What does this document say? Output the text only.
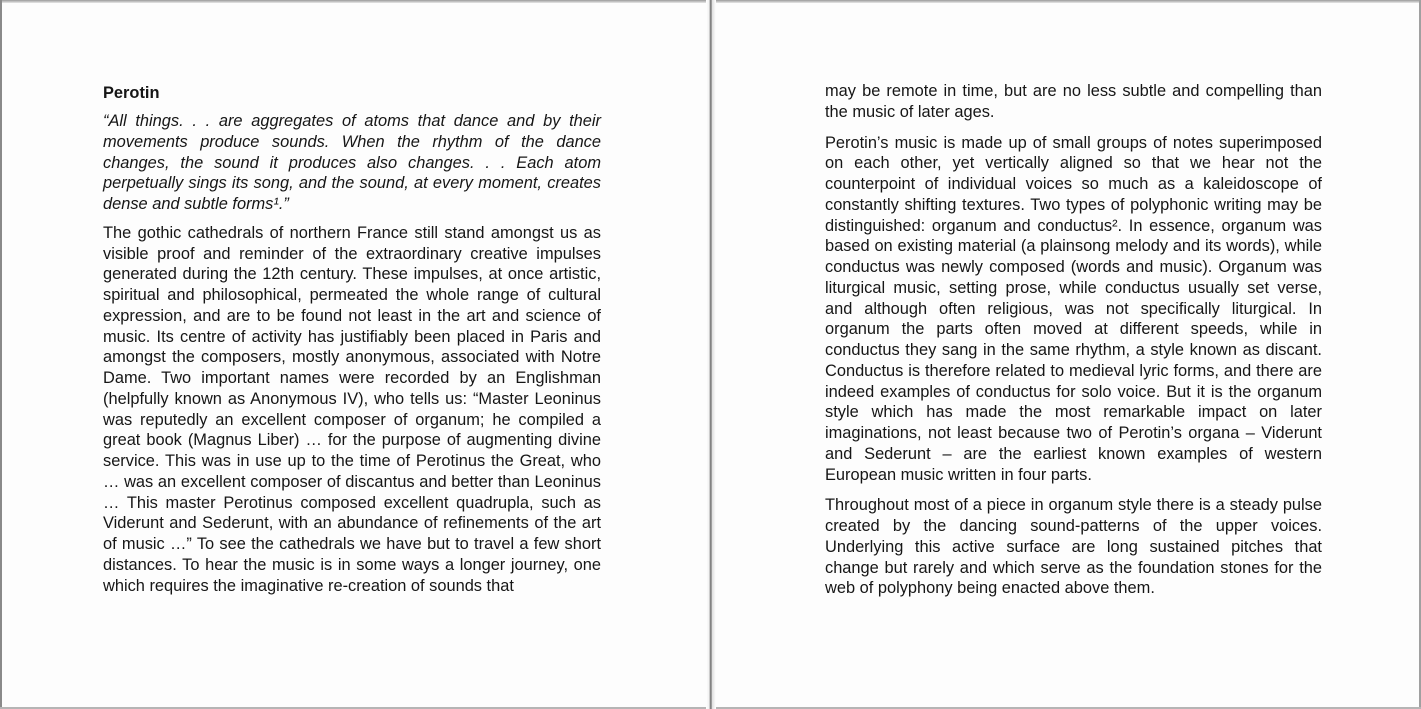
Perotin
“All things. . . are aggregates of atoms that dance and by their movements produce sounds. When the rhythm of the dance changes, the sound it produces also changes. . . Each atom perpetually sings its song, and the sound, at every moment, creates dense and subtle forms¹.”
The gothic cathedrals of northern France still stand amongst us as visible proof and reminder of the extraordinary creative impulses generated during the 12th century. These impulses, at once artistic, spiritual and philosophical, permeated the whole range of cultural expression, and are to be found not least in the art and science of music. Its centre of activity has justifiably been placed in Paris and amongst the composers, mostly anonymous, associated with Notre Dame. Two important names were recorded by an Englishman (helpfully known as Anonymous IV), who tells us: “Master Leoninus was reputedly an excellent composer of organum; he compiled a great book (Magnus Liber) … for the purpose of augmenting divine service. This was in use up to the time of Perotinus the Great, who … was an excellent composer of discantus and better than Leoninus … This master Perotinus composed excellent quadrupla, such as Viderunt and Sederunt, with an abundance of refinements of the art of music …” To see the cathedrals we have but to travel a few short distances. To hear the music is in some ways a longer journey, one which requires the imaginative re-creation of sounds that
may be remote in time, but are no less subtle and compelling than the music of later ages.
Perotin’s music is made up of small groups of notes superimposed on each other, yet vertically aligned so that we hear not the counterpoint of individual voices so much as a kaleidoscope of constantly shifting textures. Two types of polyphonic writing may be distinguished: organum and conductus². In essence, organum was based on existing material (a plainsong melody and its words), while conductus was newly composed (words and music). Organum was liturgical music, setting prose, while conductus usually set verse, and although often religious, was not specifically liturgical. In organum the parts often moved at different speeds, while in conductus they sang in the same rhythm, a style known as discant. Conductus is therefore related to medieval lyric forms, and there are indeed examples of conductus for solo voice. But it is the organum style which has made the most remarkable impact on later imaginations, not least because two of Perotin’s organa – Viderunt and Sederunt – are the earliest known examples of western European music written in four parts.
Throughout most of a piece in organum style there is a steady pulse created by the dancing sound-patterns of the upper voices. Underlying this active surface are long sustained pitches that change but rarely and which serve as the foundation stones for the web of polyphony being enacted above them.
